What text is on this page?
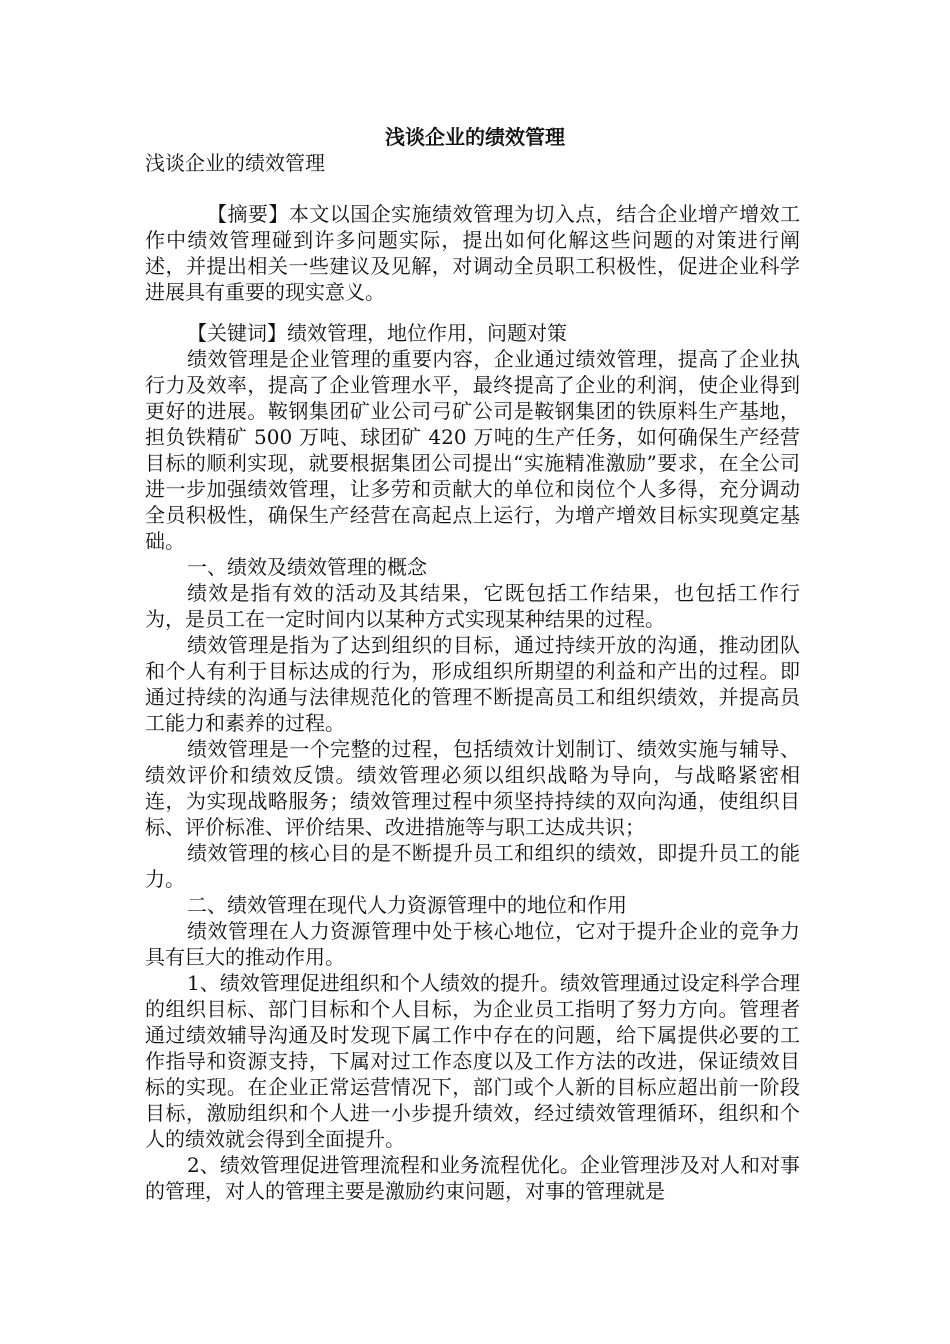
浅谈企业的绩效管理

浅谈企业的绩效管理

【摘要】本文以国企实施绩效管理为切入点，结合企业增产增效工作中绩效管理碰到许多问题实际，提出如何化解这些问题的对策进行阐述，并提出相关一些建议及见解，对调动全员职工积极性，促进企业科学进展具有重要的现实意义。

【关键词】绩效管理，地位作用，问题对策

绩效管理是企业管理的重要内容，企业通过绩效管理，提高了企业执行力及效率，提高了企业管理水平，最终提高了企业的利润，使企业得到更好的进展。鞍钢集团矿业公司弓矿公司是鞍钢集团的铁原料生产基地，担负铁精矿 500 万吨、球团矿 420 万吨的生产任务，如何确保生产经营目标的顺利实现，就要根据集团公司提出“实施精准激励”要求，在全公司进一步加强绩效管理，让多劳和贡献大的单位和岗位个人多得，充分调动全员积极性，确保生产经营在高起点上运行，为增产增效目标实现奠定基础。

一、绩效及绩效管理的概念

绩效是指有效的活动及其结果，它既包括工作结果，也包括工作行为，是员工在一定时间内以某种方式实现某种结果的过程。

绩效管理是指为了达到组织的目标，通过持续开放的沟通，推动团队和个人有利于目标达成的行为，形成组织所期望的利益和产出的过程。即通过持续的沟通与法律规范化的管理不断提高员工和组织绩效，并提高员工能力和素养的过程。

绩效管理是一个完整的过程，包括绩效计划制订、绩效实施与辅导、绩效评价和绩效反馈。绩效管理必须以组织战略为导向，与战略紧密相连，为实现战略服务；绩效管理过程中须坚持持续的双向沟通，使组织目标、评价标准、评价结果、改进措施等与职工达成共识；

绩效管理的核心目的是不断提升员工和组织的绩效，即提升员工的能力。

二、绩效管理在现代人力资源管理中的地位和作用

绩效管理在人力资源管理中处于核心地位，它对于提升企业的竞争力具有巨大的推动作用。

1、绩效管理促进组织和个人绩效的提升。绩效管理通过设定科学合理的组织目标、部门目标和个人目标，为企业员工指明了努力方向。管理者通过绩效辅导沟通及时发现下属工作中存在的问题，给下属提供必要的工作指导和资源支持，下属对过工作态度以及工作方法的改进，保证绩效目标的实现。在企业正常运营情况下，部门或个人新的目标应超出前一阶段目标，激励组织和个人进一小步提升绩效，经过绩效管理循环，组织和个人的绩效就会得到全面提升。

2、绩效管理促进管理流程和业务流程优化。企业管理涉及对人和对事的管理，对人的管理主要是激励约束问题，对事的管理就是
